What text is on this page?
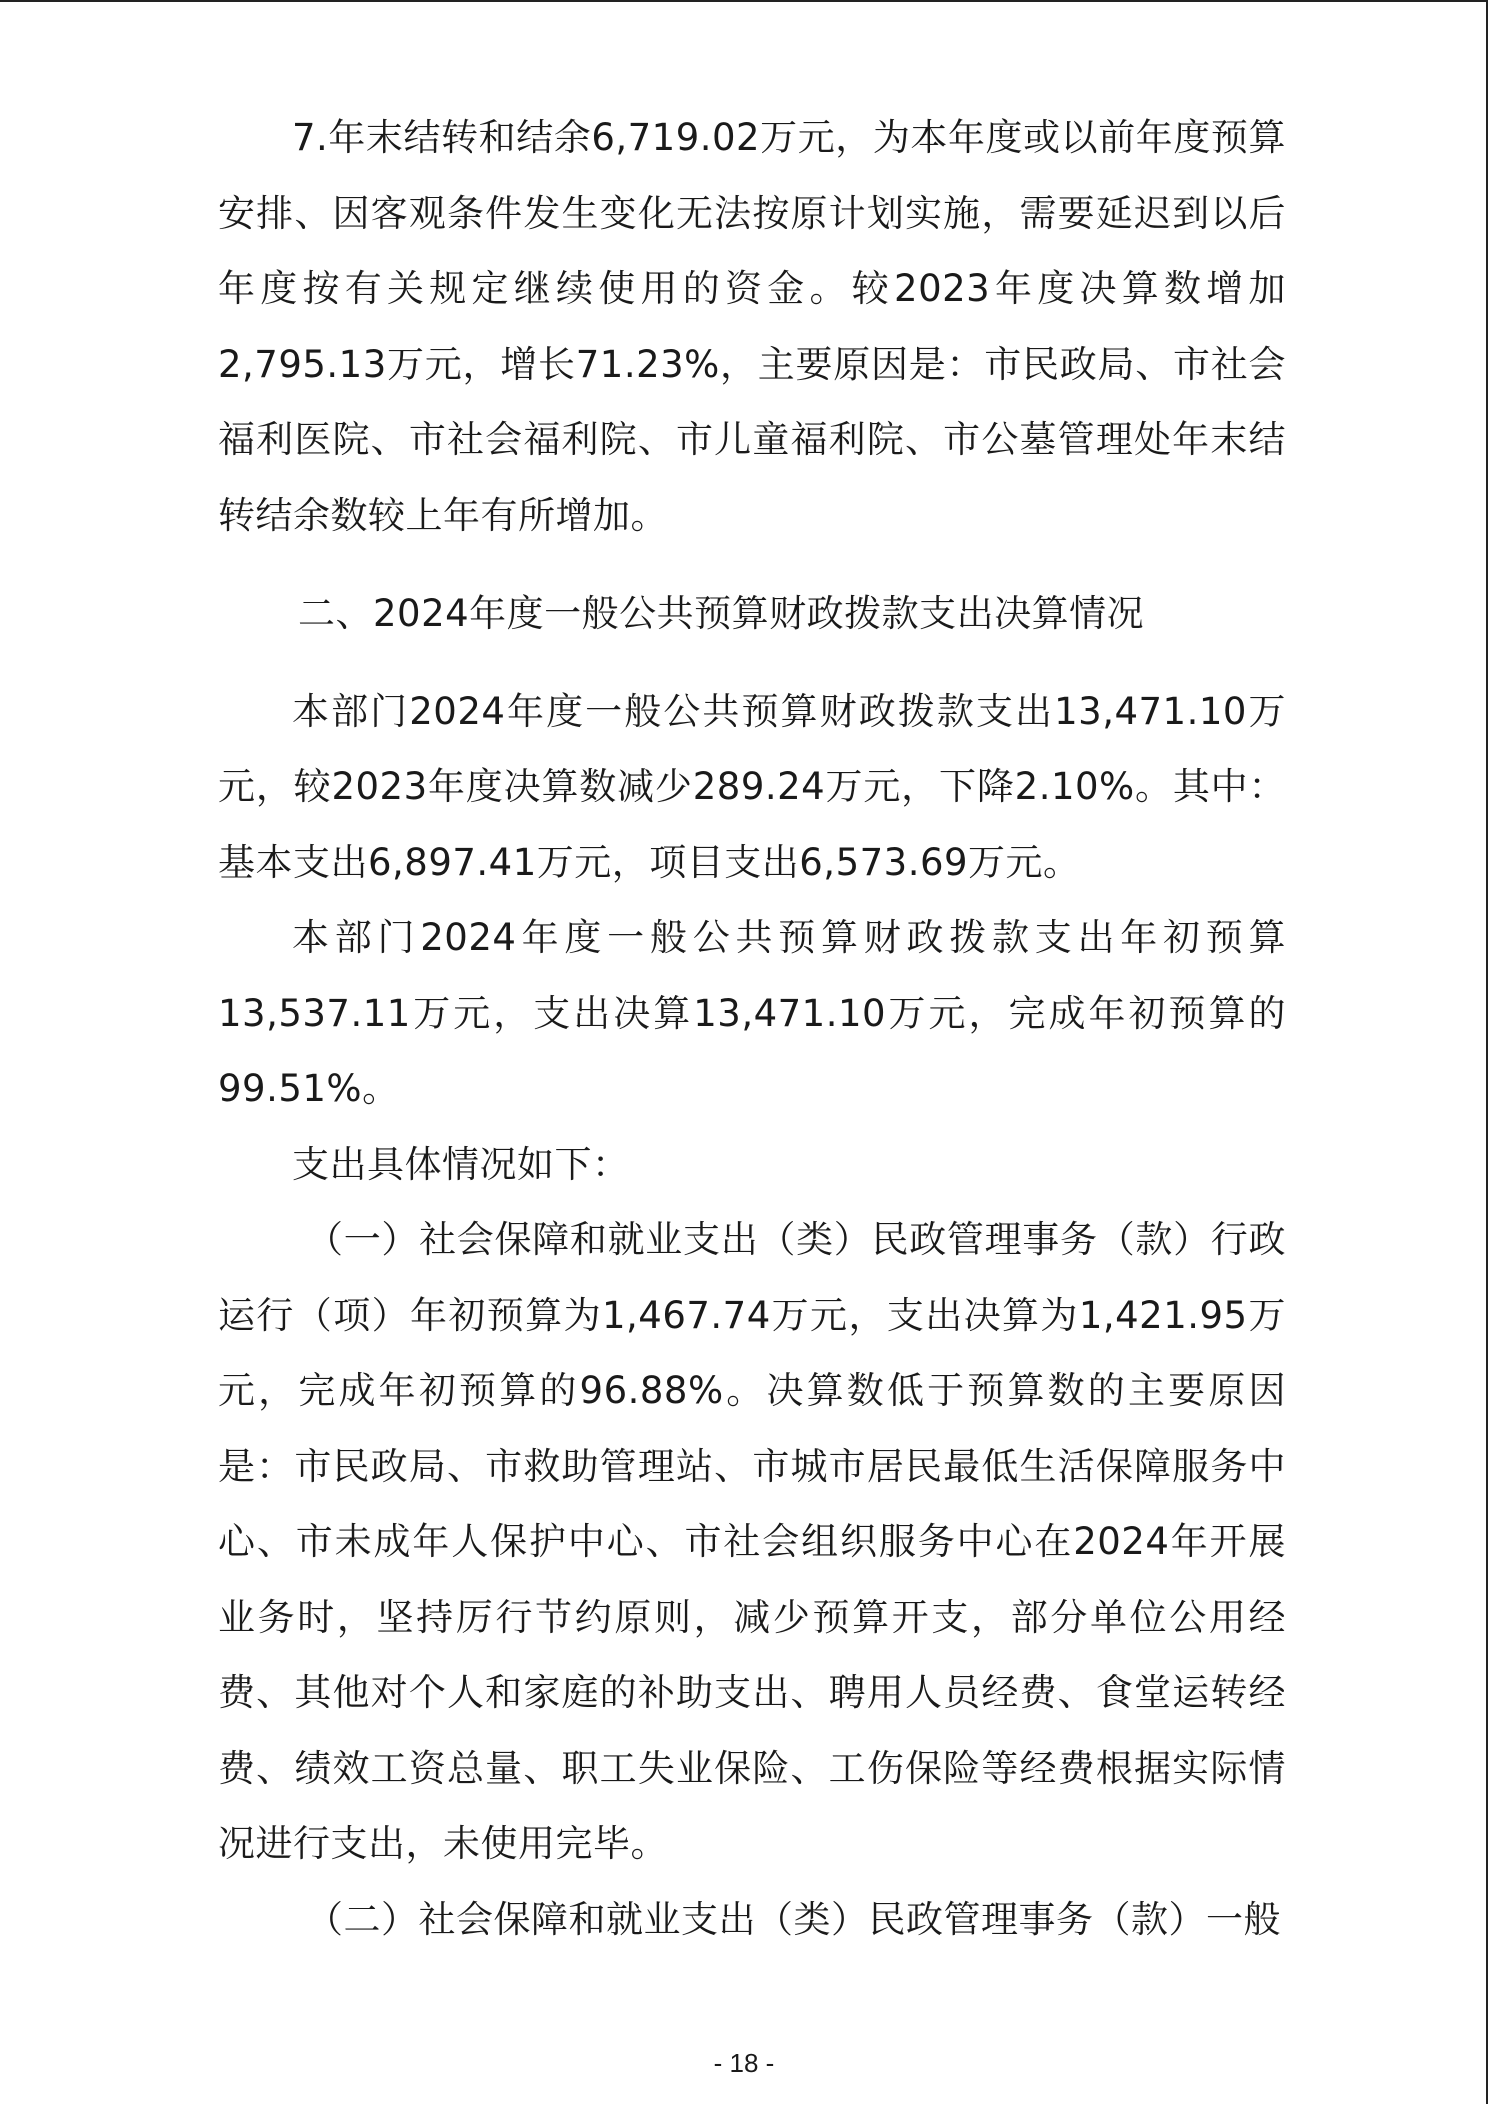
7.年末结转和结余6,719.02万元，为本年度或以前年度预算安排、因客观条件发生变化无法按原计划实施，需要延迟到以后年度按有关规定继续使用的资金。较2023年度决算数增加2,795.13万元，增长71.23%，主要原因是：市民政局、市社会福利医院、市社会福利院、市儿童福利院、市公墓管理处年末结转结余数较上年有所增加。

二、2024年度一般公共预算财政拨款支出决算情况

本部门2024年度一般公共预算财政拨款支出13,471.10万元，较2023年度决算数减少289.24万元，下降2.10%。其中：基本支出6,897.41万元，项目支出6,573.69万元。

本部门2024年度一般公共预算财政拨款支出年初预算13,537.11万元，支出决算13,471.10万元，完成年初预算的99.51%。

支出具体情况如下：

（一）社会保障和就业支出（类）民政管理事务（款）行政运行（项）年初预算为1,467.74万元，支出决算为1,421.95万元，完成年初预算的96.88%。决算数低于预算数的主要原因是：市民政局、市救助管理站、市城市居民最低生活保障服务中心、市未成年人保护中心、市社会组织服务中心在2024年开展业务时，坚持厉行节约原则，减少预算开支，部分单位公用经费、其他对个人和家庭的补助支出、聘用人员经费、食堂运转经费、绩效工资总量、职工失业保险、工伤保险等经费根据实际情况进行支出，未使用完毕。

（二）社会保障和就业支出（类）民政管理事务（款）一般

- 18 -
